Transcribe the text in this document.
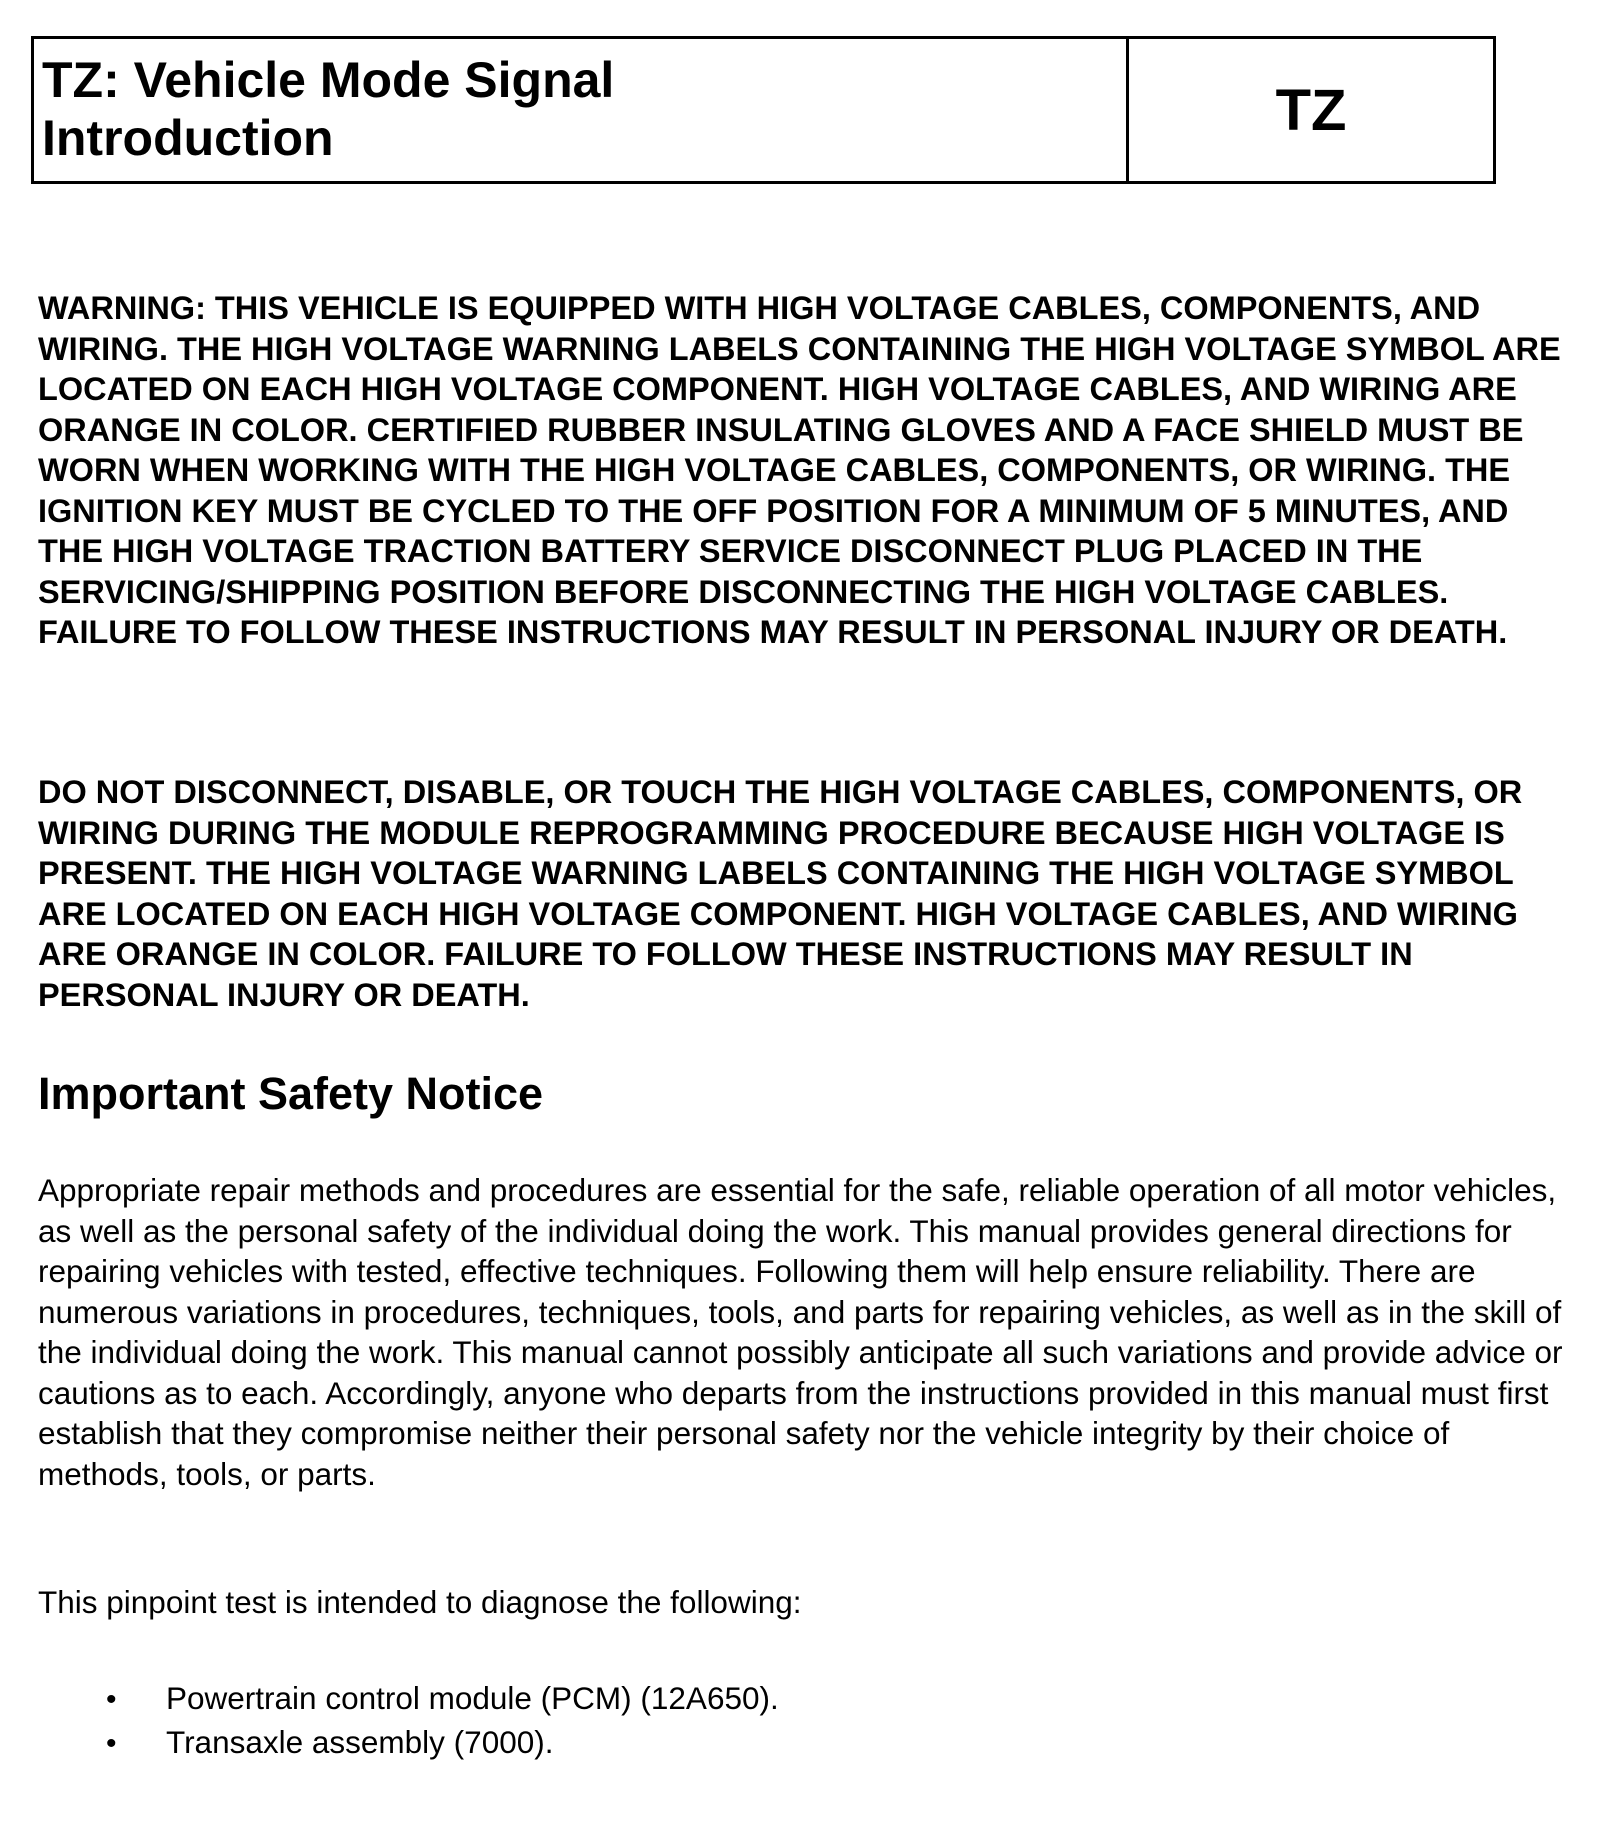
TZ: Vehicle Mode Signal
Introduction	TZ

WARNING: THIS VEHICLE IS EQUIPPED WITH HIGH VOLTAGE CABLES, COMPONENTS, AND WIRING. THE HIGH VOLTAGE WARNING LABELS CONTAINING THE HIGH VOLTAGE SYMBOL ARE LOCATED ON EACH HIGH VOLTAGE COMPONENT. HIGH VOLTAGE CABLES, AND WIRING ARE ORANGE IN COLOR. CERTIFIED RUBBER INSULATING GLOVES AND A FACE SHIELD MUST BE WORN WHEN WORKING WITH THE HIGH VOLTAGE CABLES, COMPONENTS, OR WIRING. THE IGNITION KEY MUST BE CYCLED TO THE OFF POSITION FOR A MINIMUM OF 5 MINUTES, AND THE HIGH VOLTAGE TRACTION BATTERY SERVICE DISCONNECT PLUG PLACED IN THE SERVICING/SHIPPING POSITION BEFORE DISCONNECTING THE HIGH VOLTAGE CABLES. FAILURE TO FOLLOW THESE INSTRUCTIONS MAY RESULT IN PERSONAL INJURY OR DEATH.

DO NOT DISCONNECT, DISABLE, OR TOUCH THE HIGH VOLTAGE CABLES, COMPONENTS, OR WIRING DURING THE MODULE REPROGRAMMING PROCEDURE BECAUSE HIGH VOLTAGE IS PRESENT. THE HIGH VOLTAGE WARNING LABELS CONTAINING THE HIGH VOLTAGE SYMBOL ARE LOCATED ON EACH HIGH VOLTAGE COMPONENT. HIGH VOLTAGE CABLES, AND WIRING ARE ORANGE IN COLOR. FAILURE TO FOLLOW THESE INSTRUCTIONS MAY RESULT IN PERSONAL INJURY OR DEATH.

Important Safety Notice

Appropriate repair methods and procedures are essential for the safe, reliable operation of all motor vehicles, as well as the personal safety of the individual doing the work. This manual provides general directions for repairing vehicles with tested, effective techniques. Following them will help ensure reliability. There are numerous variations in procedures, techniques, tools, and parts for repairing vehicles, as well as in the skill of the individual doing the work. This manual cannot possibly anticipate all such variations and provide advice or cautions as to each. Accordingly, anyone who departs from the instructions provided in this manual must first establish that they compromise neither their personal safety nor the vehicle integrity by their choice of methods, tools, or parts.

This pinpoint test is intended to diagnose the following:

•	Powertrain control module (PCM) (12A650).
•	Transaxle assembly (7000).
